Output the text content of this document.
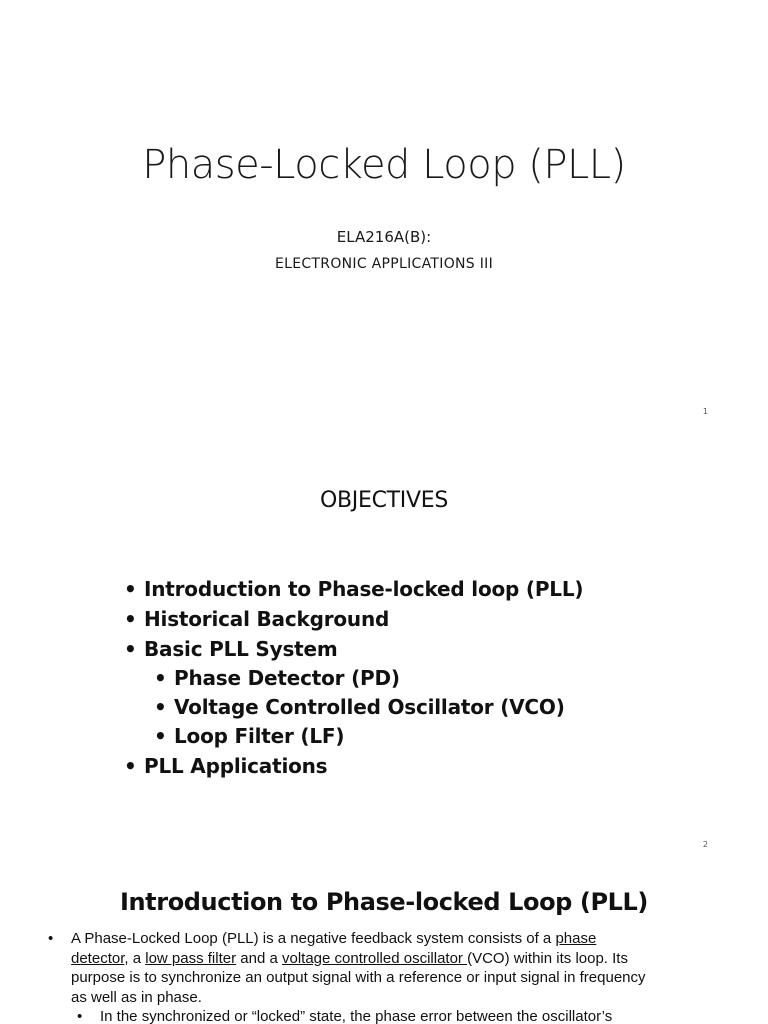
Phase-Locked Loop (PLL)
ELA216A(B):
ELECTRONIC APPLICATIONS III
1
OBJECTIVES
• Introduction to Phase-locked loop (PLL)
• Historical Background
• Basic PLL System
• Phase Detector (PD)
• Voltage Controlled Oscillator (VCO)
• Loop Filter (LF)
• PLL Applications
2
Introduction to Phase-locked Loop (PLL)
• A Phase-Locked Loop (PLL) is a negative feedback system consists of a phase detector, a low pass filter and a voltage controlled oscillator (VCO) within its loop. Its purpose is to synchronize an output signal with a reference or input signal in frequency as well as in phase.
• In the synchronized or “locked” state, the phase error between the oscillator’s
